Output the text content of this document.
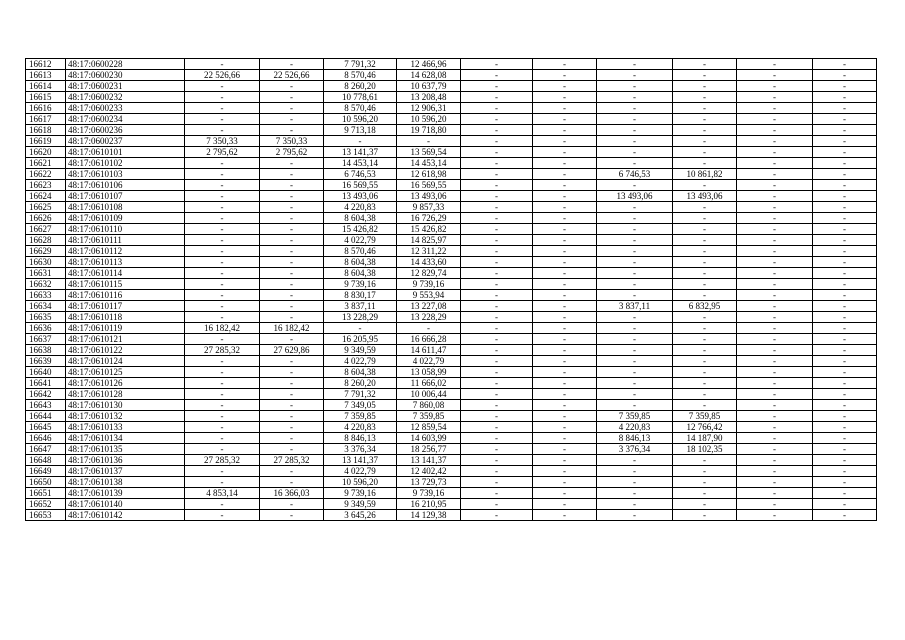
16612	48:17:0600228	-	-	7 791,32	12 466,96	-	-	-	-	-	-
16613	48:17:0600230	22 526,66	22 526,66	8 570,46	14 628,08	-	-	-	-	-	-
16614	48:17:0600231	-	-	8 260,20	10 637,79	-	-	-	-	-	-
16615	48:17:0600232	-	-	10 778,61	13 208,48	-	-	-	-	-	-
16616	48:17:0600233	-	-	8 570,46	12 906,31	-	-	-	-	-	-
16617	48:17:0600234	-	-	10 596,20	10 596,20	-	-	-	-	-	-
16618	48:17:0600236	-	-	9 713,18	19 718,80	-	-	-	-	-	-
16619	48:17:0600237	7 350,33	7 350,33	-	-	-	-	-	-	-	-
16620	48:17:0610101	2 795,62	2 795,62	13 141,37	13 569,54	-	-	-	-	-	-
16621	48:17:0610102	-	-	14 453,14	14 453,14	-	-	-	-	-	-
16622	48:17:0610103	-	-	6 746,53	12 618,98	-	-	6 746,53	10 861,82	-	-
16623	48:17:0610106	-	-	16 569,55	16 569,55	-	-	-	-	-	-
16624	48:17:0610107	-	-	13 493,06	13 493,06	-	-	13 493,06	13 493,06	-	-
16625	48:17:0610108	-	-	4 220,83	9 857,33	-	-	-	-	-	-
16626	48:17:0610109	-	-	8 604,38	16 726,29	-	-	-	-	-	-
16627	48:17:0610110	-	-	15 426,82	15 426,82	-	-	-	-	-	-
16628	48:17:0610111	-	-	4 022,79	14 825,97	-	-	-	-	-	-
16629	48:17:0610112	-	-	8 570,46	12 311,22	-	-	-	-	-	-
16630	48:17:0610113	-	-	8 604,38	14 433,60	-	-	-	-	-	-
16631	48:17:0610114	-	-	8 604,38	12 829,74	-	-	-	-	-	-
16632	48:17:0610115	-	-	9 739,16	9 739,16	-	-	-	-	-	-
16633	48:17:0610116	-	-	8 830,17	9 553,94	-	-	-	-	-	-
16634	48:17:0610117	-	-	3 837,11	13 227,08	-	-	3 837,11	6 832,95	-	-
16635	48:17:0610118	-	-	13 228,29	13 228,29	-	-	-	-	-	-
16636	48:17:0610119	16 182,42	16 182,42	-	-	-	-	-	-	-	-
16637	48:17:0610121	-	-	16 205,95	16 666,28	-	-	-	-	-	-
16638	48:17:0610122	27 285,32	27 629,86	9 349,59	14 611,47	-	-	-	-	-	-
16639	48:17:0610124	-	-	4 022,79	4 022,79	-	-	-	-	-	-
16640	48:17:0610125	-	-	8 604,38	13 058,99	-	-	-	-	-	-
16641	48:17:0610126	-	-	8 260,20	11 666,02	-	-	-	-	-	-
16642	48:17:0610128	-	-	7 791,32	10 006,44	-	-	-	-	-	-
16643	48:17:0610130	-	-	7 349,05	7 860,08	-	-	-	-	-	-
16644	48:17:0610132	-	-	7 359,85	7 359,85	-	-	7 359,85	7 359,85	-	-
16645	48:17:0610133	-	-	4 220,83	12 859,54	-	-	4 220,83	12 766,42	-	-
16646	48:17:0610134	-	-	8 846,13	14 603,99	-	-	8 846,13	14 187,90	-	-
16647	48:17:0610135	-	-	3 376,34	18 256,77	-	-	3 376,34	18 102,35	-	-
16648	48:17:0610136	27 285,32	27 285,32	13 141,37	13 141,37	-	-	-	-	-	-
16649	48:17:0610137	-	-	4 022,79	12 402,42	-	-	-	-	-	-
16650	48:17:0610138	-	-	10 596,20	13 729,73	-	-	-	-	-	-
16651	48:17:0610139	4 853,14	16 366,03	9 739,16	9 739,16	-	-	-	-	-	-
16652	48:17:0610140	-	-	9 349,59	16 210,95	-	-	-	-	-	-
16653	48:17:0610142	-	-	3 645,26	14 129,38	-	-	-	-	-	-
